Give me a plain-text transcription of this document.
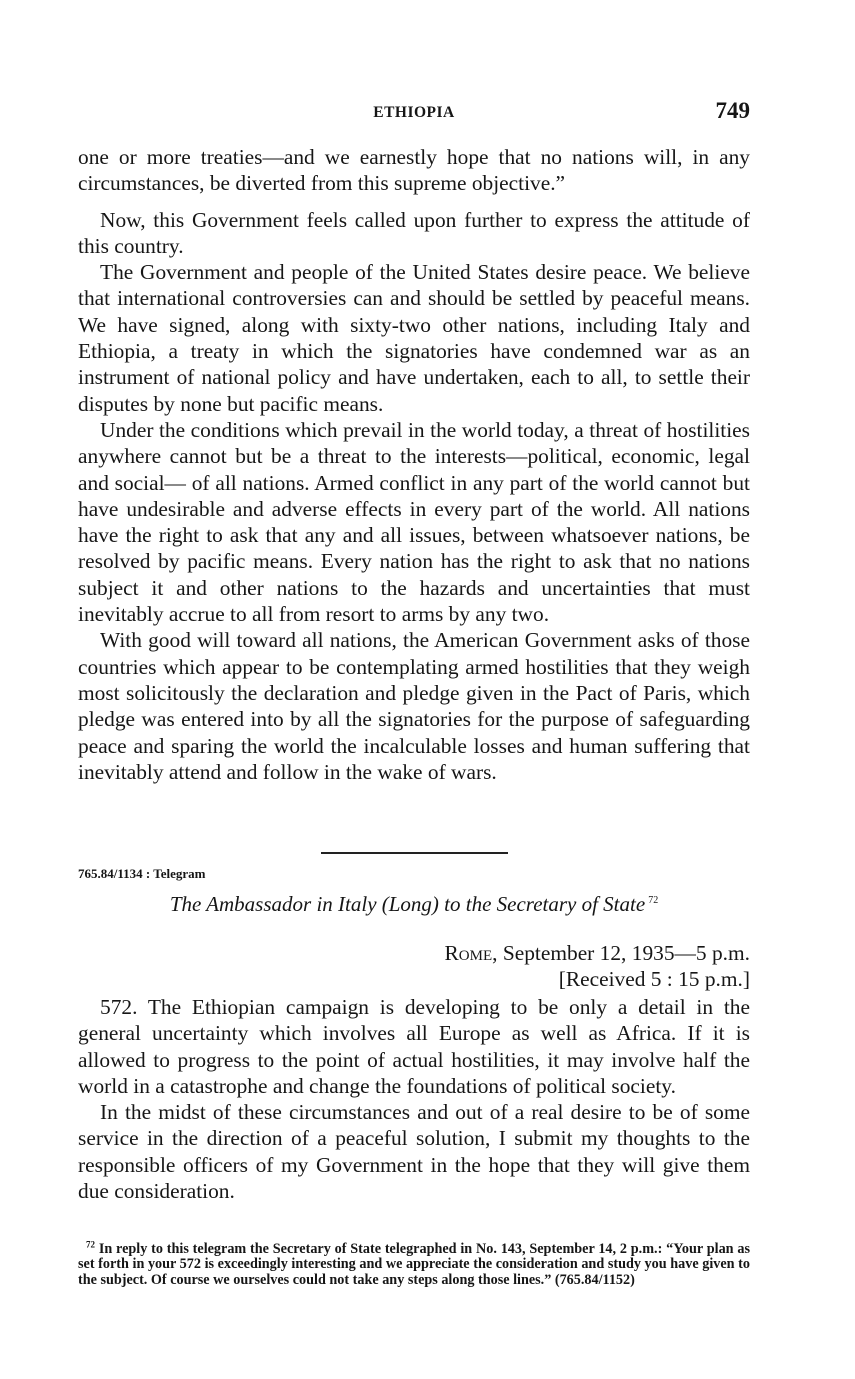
ETHIOPIA	749

one or more treaties—and we earnestly hope that no nations will, in any circumstances, be diverted from this supreme objective.”

Now, this Government feels called upon further to express the attitude of this country.

The Government and people of the United States desire peace. We believe that international controversies can and should be settled by peaceful means. We have signed, along with sixty-two other nations, including Italy and Ethiopia, a treaty in which the signatories have condemned war as an instrument of national policy and have undertaken, each to all, to settle their disputes by none but pacific means.

Under the conditions which prevail in the world today, a threat of hostilities anywhere cannot but be a threat to the interests—political, economic, legal and social— of all nations. Armed conflict in any part of the world cannot but have undesirable and adverse effects in every part of the world. All nations have the right to ask that any and all issues, between whatsoever nations, be resolved by pacific means. Every nation has the right to ask that no nations subject it and other nations to the hazards and uncertainties that must inevitably accrue to all from resort to arms by any two.

With good will toward all nations, the American Government asks of those countries which appear to be contemplating armed hostilities that they weigh most solicitously the declaration and pledge given in the Pact of Paris, which pledge was entered into by all the signatories for the purpose of safeguarding peace and sparing the world the incalculable losses and human suffering that inevitably attend and follow in the wake of wars.

765.84/1134 : Telegram
The Ambassador in Italy (Long) to the Secretary of State $^{72}$
Rome, September 12, 1935—5 p.m.
[Received 5 : 15 p.m.]

572. The Ethiopian campaign is developing to be only a detail in the general uncertainty which involves all Europe as well as Africa. If it is allowed to progress to the point of actual hostilities, it may involve half the world in a catastrophe and change the foundations of political society.

In the midst of these circumstances and out of a real desire to be of some service in the direction of a peaceful solution, I submit my thoughts to the responsible officers of my Government in the hope that they will give them due consideration.

$^{72}$ In reply to this telegram the Secretary of State telegraphed in No. 143, September 14, 2 p.m.: “Your plan as set forth in your 572 is exceedingly interesting and we appreciate the consideration and study you have given to the subject. Of course we ourselves could not take any steps along those lines.” (765.84/1152)
